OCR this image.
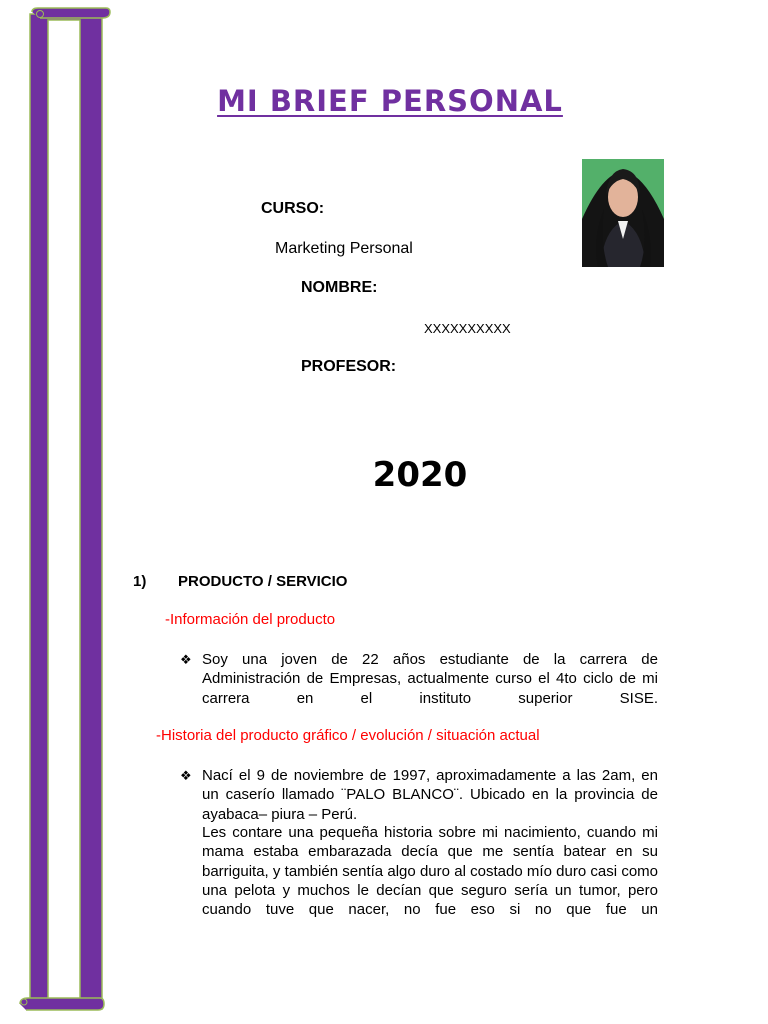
MI BRIEF PERSONAL

CURSO:

Marketing Personal

NOMBRE:

XXXXXXXXXX

PROFESOR:

2020

1) PRODUCTO / SERVICIO

-Información del producto

❖ Soy una joven de 22 años estudiante de la carrera de Administración de Empresas, actualmente curso el 4to ciclo de mi carrera en el instituto superior SISE.

-Historia del producto gráfico / evolución / situación actual

❖ Nací el 9 de noviembre de 1997, aproximadamente a las 2am, en un caserío llamado ¨PALO BLANCO¨. Ubicado en la provincia de ayabaca– piura – Perú.

Les contare una pequeña historia sobre mi nacimiento, cuando mi mama estaba embarazada decía que me sentía batear en su barriguita, y también sentía algo duro al costado mío duro casi como una pelota y muchos le decían que seguro sería un tumor, pero cuando tuve que nacer, no fue eso si no que fue un
